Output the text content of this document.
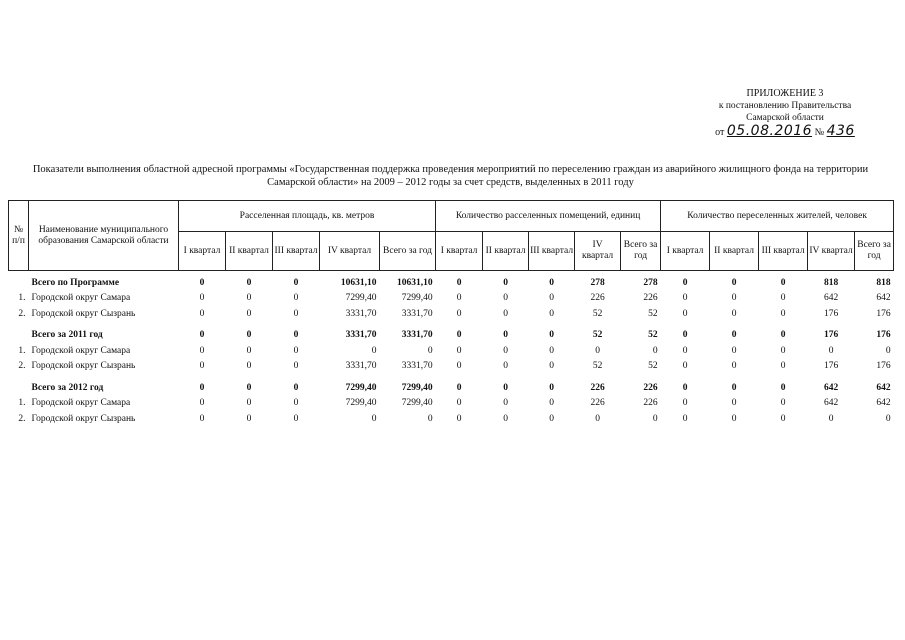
ПРИЛОЖЕНИЕ 3
к постановлению Правительства
Самарской области
от 05.08.2016 № 436
Показатели выполнения областной адресной программы «Государственная поддержка проведения мероприятий по переселению граждан из аварийного жилищного фонда на территории
Самарской области» на 2009 – 2012 годы за счет средств, выделенных в 2011 году
№ п/п	Наименование муниципального образования Самарской области	Расселенная площадь, кв. метров					Количество расселенных помещений, единиц					Количество переселенных жителей, человек				
		I квартал	II квартал	III квартал	IV квартал	Всего за год	I квартал	II квартал	III квартал	IV квартал	Всего за год	I квартал	II квартал	III квартал	IV квартал	Всего за год

	Всего по Программе	0	0	0	10631,10	10631,10	0	0	0	278	278	0	0	0	818	818
1.	Городской округ Самара	0	0	0	7299,40	7299,40	0	0	0	226	226	0	0	0	642	642
2.	Городской округ Сызрань	0	0	0	3331,70	3331,70	0	0	0	52	52	0	0	0	176	176

	Всего за 2011 год	0	0	0	3331,70	3331,70	0	0	0	52	52	0	0	0	176	176
1.	Городской округ Самара	0	0	0	0	0	0	0	0	0	0	0	0	0	0	0
2.	Городской округ Сызрань	0	0	0	3331,70	3331,70	0	0	0	52	52	0	0	0	176	176

	Всего за 2012 год	0	0	0	7299,40	7299,40	0	0	0	226	226	0	0	0	642	642
1.	Городской округ Самара	0	0	0	7299,40	7299,40	0	0	0	226	226	0	0	0	642	642
2.	Городской округ Сызрань	0	0	0	0	0	0	0	0	0	0	0	0	0	0	0
